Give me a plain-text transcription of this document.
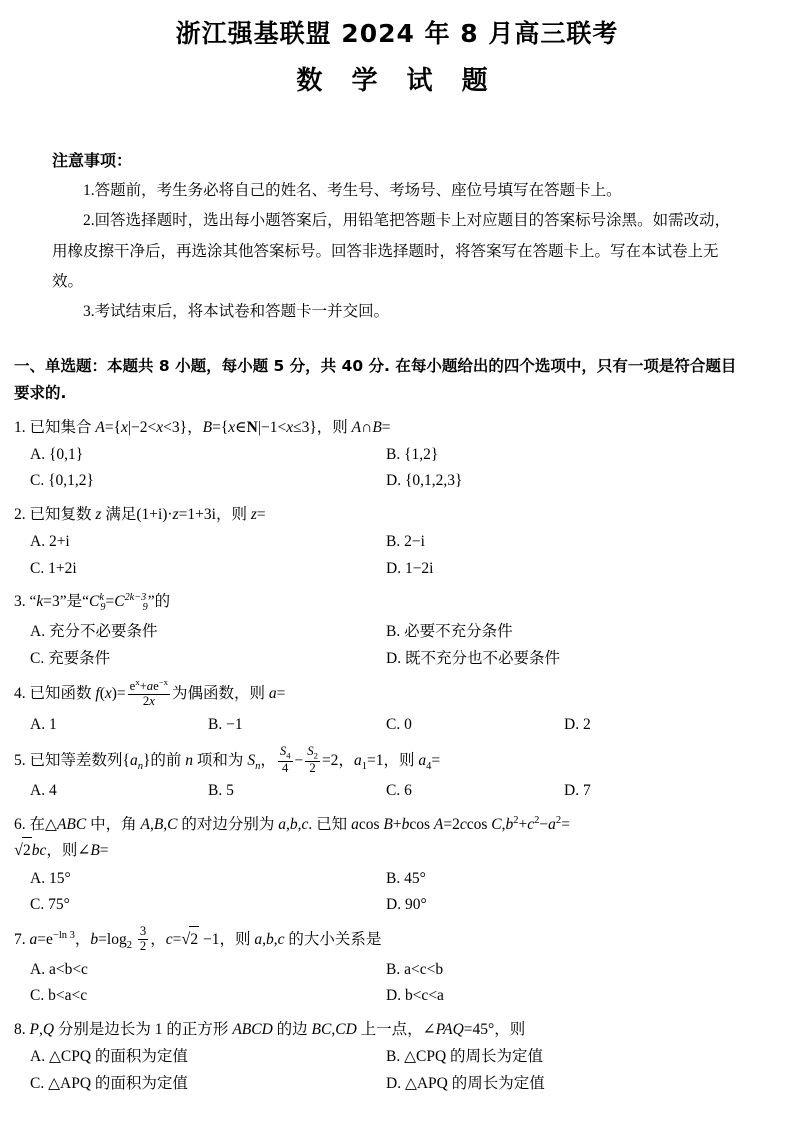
浙江强基联盟 2024 年 8 月高三联考
数 学 试 题
注意事项：
1.答题前，考生务必将自己的姓名、考生号、考场号、座位号填写在答题卡上。
2.回答选择题时，选出每小题答案后，用铅笔把答题卡上对应题目的答案标号涂黑。如需改动，用橡皮擦干净后，再选涂其他答案标号。回答非选择题时，将答案写在答题卡上。写在本试卷上无效。
3.考试结束后，将本试卷和答题卡一并交回。
一、单选题：本题共 8 小题，每小题 5 分，共 40 分. 在每小题给出的四个选项中，只有一项是符合题目要求的.
1. 已知集合 A={x|−2<x<3}，B={x∈N|−1<x≤3}，则 A∩B=
A. {0,1}	B. {1,2}
C. {0,1,2}	D. {0,1,2,3}
2. 已知复数 z 满足(1+i)·z=1+3i，则 z=
A. 2+i	B. 2−i
C. 1+2i	D. 1−2i
3. “k=3”是“$C^k_9=C^{2k-3}_9$”的
A. 充分不必要条件	B. 必要不充分条件
C. 充要条件	D. 既不充分也不必要条件
4. 已知函数 $f(x)= \frac{e^x+ae^{-x}}{2x}$ 为偶函数，则 a=
A. 1	B. −1	C. 0	D. 2
5. 已知等差数列$\{a_n\}$的前 n 项和为 $S_n$， $\frac{S_4}{4} - \frac{S_2}{2} =2$，$a_1=1$，则 $a_4=$
A. 4	B. 5	C. 6	D. 7
6. 在△ABC 中，角 A,B,C 的对边分别为 a,b,c. 已知 acos B+bcos A=2ccos $C,b^2+c^2-a^2=$
√2bc，则∠B=
A. 15°	B. 45°
C. 75°	D. 90°
7. $a=e^{-ln 3}$，$b=\log_2 \frac{3}{2}$ ，c=√2 −1，则 a,b,c 的大小关系是
A. a<b<c	B. a<c<b
C. b<a<c	D. b<c<a
8. P,Q 分别是边长为 1 的正方形 ABCD 的边 BC,CD 上一点，∠PAQ=45°，则
A. △CPQ 的面积为定值	B. △CPQ 的周长为定值
C. △APQ 的面积为定值	D. △APQ 的周长为定值
